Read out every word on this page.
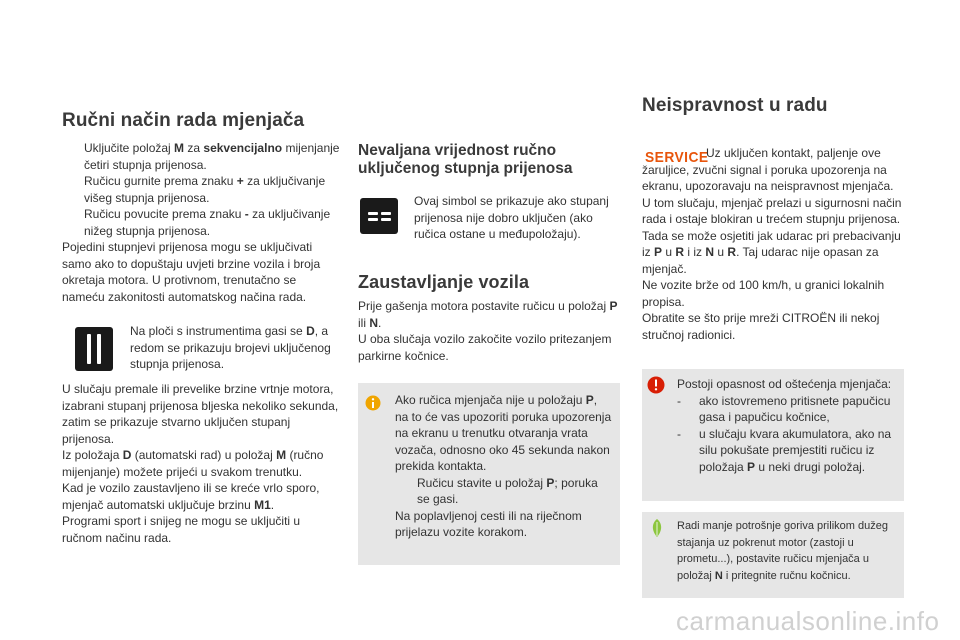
Ručni način rada mjenjača
Uključite položaj M za sekvencijalno mijenjanje četiri stupnja prijenosa.
Ručicu gurnite prema znaku + za uključivanje višeg stupnja prijenosa.
Ručicu povucite prema znaku - za uključivanje nižeg stupnja prijenosa.

Pojedini stupnjevi prijenosa mogu se uključivati samo ako to dopuštaju uvjeti brzine vozila i broja okretaja motora. U protivnom, trenutačno se nameću zakonitosti automatskog načina rada.

Na ploči s instrumentima gasi se D, a redom se prikazuju brojevi uključenog stupnja prijenosa.

U slučaju premale ili prevelike brzine vrtnje motora, izabrani stupanj prijenosa bljeska nekoliko sekunda, zatim se prikazuje stvarno uključen stupanj prijenosa.

Iz položaja D (automatski rad) u položaj M (ručno mijenjanje) možete prijeći u svakom trenutku.

Kad je vozilo zaustavljeno ili se kreće vrlo sporo, mjenjač automatski uključuje brzinu M1.

Programi sport i snijeg ne mogu se uključiti u ručnom načinu rada.

Nevaljana vrijednost ručno
uključenog stupnja prijenosa
Ovaj simbol se prikazuje ako stupanj prijenosa nije dobro uključen (ako ručica ostane u međupoložaju).
Zaustavljanje vozila

Prije gašenja motora postavite ručicu u položaj P ili N.

U oba slučaja vozilo zakočite vozilo pritezanjem parkirne kočnice.

Ako ručica mjenjača nije u položaju P, na to će vas upozoriti poruka upozorenja na ekranu u trenutku otvaranja vrata vozača, odnosno oko 45 sekunda nakon prekida kontakta.

Ručicu stavite u položaj P; poruka se gasi.

Na poplavljenoj cesti ili na riječnom prijelazu vozite korakom.

Neispravnost u radu
SERVICE

Uz uključen kontakt, paljenje ove žaruljice, zvučni signal i poruka upozorenja na ekranu, upozoravaju na neispravnost mjenjača.

U tom slučaju, mjenjač prelazi u sigurnosni način rada i ostaje blokiran u trećem stupnju prijenosa. Tada se može osjetiti jak udarac pri prebacivanju iz P u R i iz N u R. Taj udarac nije opasan za mjenjač.

Ne vozite brže od 100 km/h, u granici lokalnih propisa.

Obratite se što prije mreži CITROËN ili nekoj stručnoj radionici.

Postoji opasnost od oštećenja mjenjača:

- ako istovremeno pritisnete papučicu gasa i papučicu kočnice,
- u slučaju kvara akumulatora, ako na silu pokušate premjestiti ručicu iz položaja P u neki drugi položaj.
Radi manje potrošnje goriva prilikom dužeg stajanja uz pokrenut motor (zastoji u prometu...), postavite ručicu mjenjača u položaj N i pritegnite ručnu kočnicu.
carmanualsonline.info
